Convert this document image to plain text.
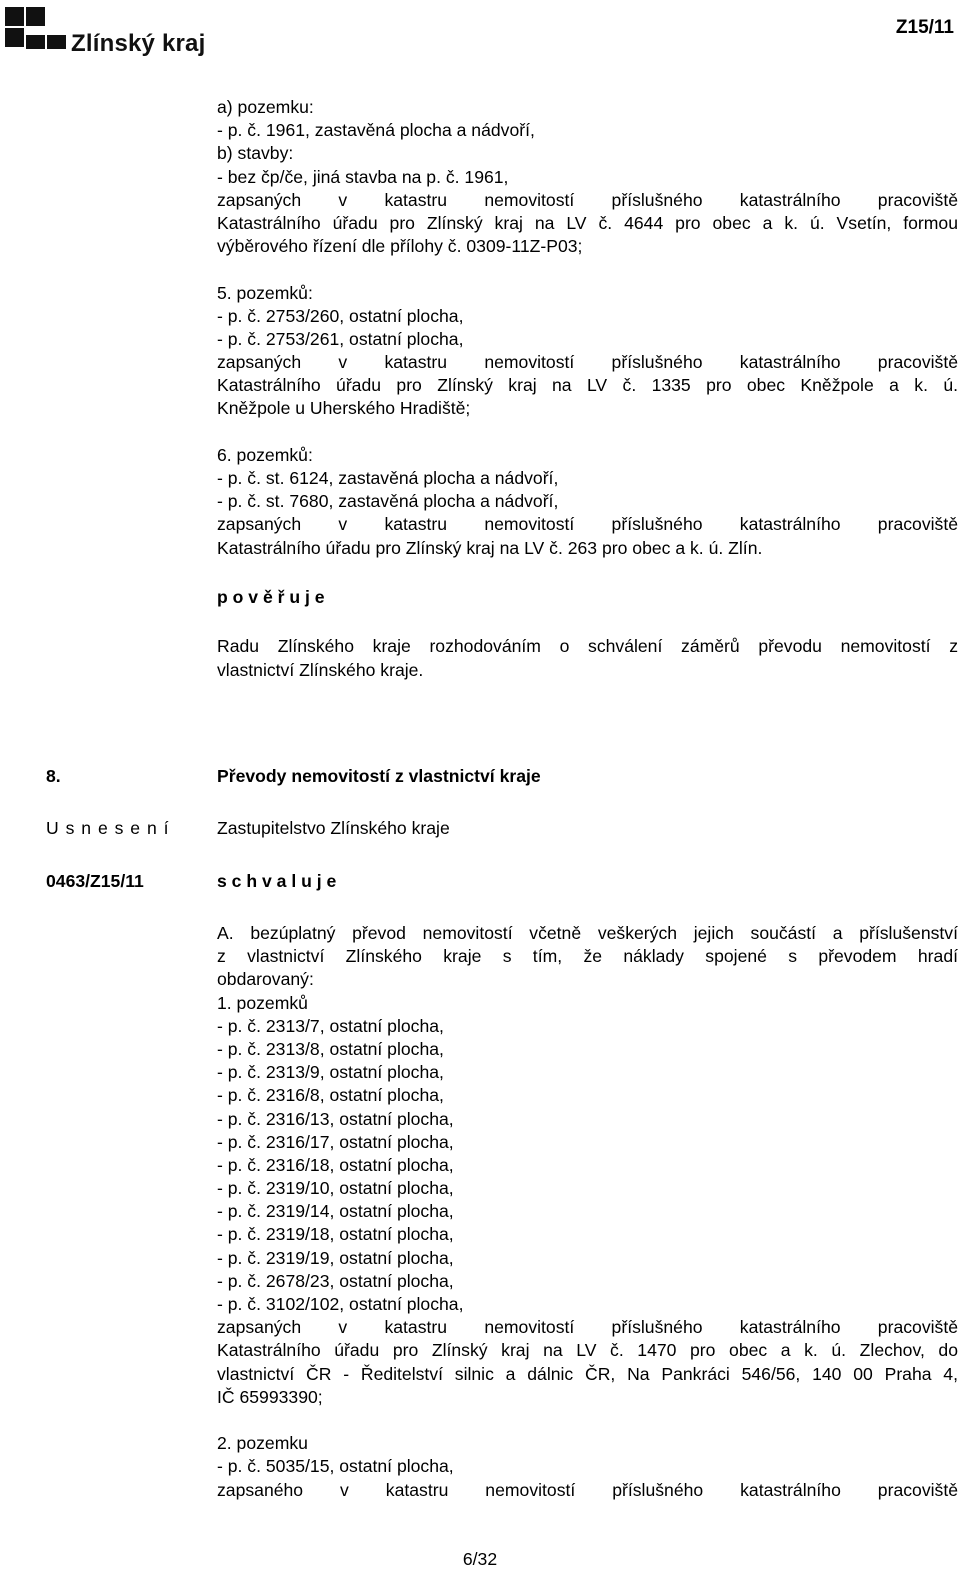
Zlínský kraj
Z15/11
a) pozemku:
- p. č. 1961, zastavěná plocha a nádvoří,
b) stavby:
- bez čp/če, jiná stavba na p. č. 1961,
zapsaných v katastru nemovitostí příslušného katastrálního pracoviště
Katastrálního úřadu pro Zlínský kraj na LV č. 4644 pro obec a k. ú. Vsetín, formou
výběrového řízení dle přílohy č. 0309-11Z-P03;
5. pozemků:
- p. č. 2753/260, ostatní plocha,
- p. č. 2753/261, ostatní plocha,
zapsaných v katastru nemovitostí příslušného katastrálního pracoviště
Katastrálního úřadu pro Zlínský kraj na LV č. 1335 pro obec Kněžpole a k. ú.
Kněžpole u Uherského Hradiště;
6. pozemků:
- p. č. st. 6124, zastavěná plocha a nádvoří,
- p. č. st. 7680, zastavěná plocha a nádvoří,
zapsaných v katastru nemovitostí příslušného katastrálního pracoviště
Katastrálního úřadu pro Zlínský kraj na LV č. 263 pro obec a k. ú. Zlín.
p o v ě ř u j e
Radu Zlínského kraje rozhodováním o schválení záměrů převodu nemovitostí z
vlastnictví Zlínského kraje.
8.	Převody nemovitostí z vlastnictví kraje
U s n e s e n í	Zastupitelstvo Zlínského kraje
0463/Z15/11	s c h v a l u j e
A. bezúplatný převod nemovitostí včetně veškerých jejich součástí a příslušenství
z vlastnictví Zlínského kraje s tím, že náklady spojené s převodem hradí
obdarovaný:
1. pozemků
- p. č. 2313/7, ostatní plocha,
- p. č. 2313/8, ostatní plocha,
- p. č. 2313/9, ostatní plocha,
- p. č. 2316/8, ostatní plocha,
- p. č. 2316/13, ostatní plocha,
- p. č. 2316/17, ostatní plocha,
- p. č. 2316/18, ostatní plocha,
- p. č. 2319/10, ostatní plocha,
- p. č. 2319/14, ostatní plocha,
- p. č. 2319/18, ostatní plocha,
- p. č. 2319/19, ostatní plocha,
- p. č. 2678/23, ostatní plocha,
- p. č. 3102/102, ostatní plocha,
zapsaných v katastru nemovitostí příslušného katastrálního pracoviště
Katastrálního úřadu pro Zlínský kraj na LV č. 1470 pro obec a k. ú. Zlechov, do
vlastnictví ČR - Ředitelství silnic a dálnic ČR, Na Pankráci 546/56, 140 00 Praha 4,
IČ 65993390;
2. pozemku
- p. č. 5035/15, ostatní plocha,
zapsaného v katastru nemovitostí příslušného katastrálního pracoviště
6/32
